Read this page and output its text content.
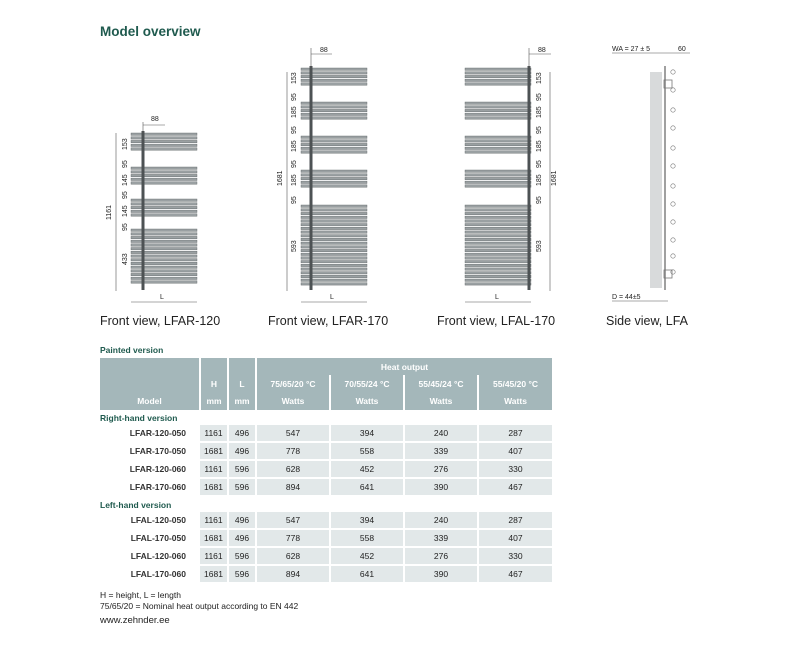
Model overview
88
153
95
145
95
145
95
433
1161
L
88
153
95
185
95
185
95
185
95
593
1681
L
88
153
95
185
95
185
95
185
95
593
1681
L
WA = 27 ± 5	60
D = 44±5
Front view, LFAR-120	Front view, LFAR-170	Front view, LFAL-170	Side view, LFA
Painted version
			Heat output			
	H	L	75/65/20 °C	70/55/24 °C	55/45/24 °C	55/45/20 °C
Model	mm	mm	Watts	Watts	Watts	Watts
Right-hand version						
LFAR-120-050	1161	496	547	394	240	287
LFAR-170-050	1681	496	778	558	339	407
LFAR-120-060	1161	596	628	452	276	330
LFAR-170-060	1681	596	894	641	390	467
Left-hand version						
LFAL-120-050	1161	496	547	394	240	287
LFAL-170-050	1681	496	778	558	339	407
LFAL-120-060	1161	596	628	452	276	330
LFAL-170-060	1681	596	894	641	390	467

H = height, L = length

75/65/20 = Nominal heat output according to EN 442

www.zehnder.ee
